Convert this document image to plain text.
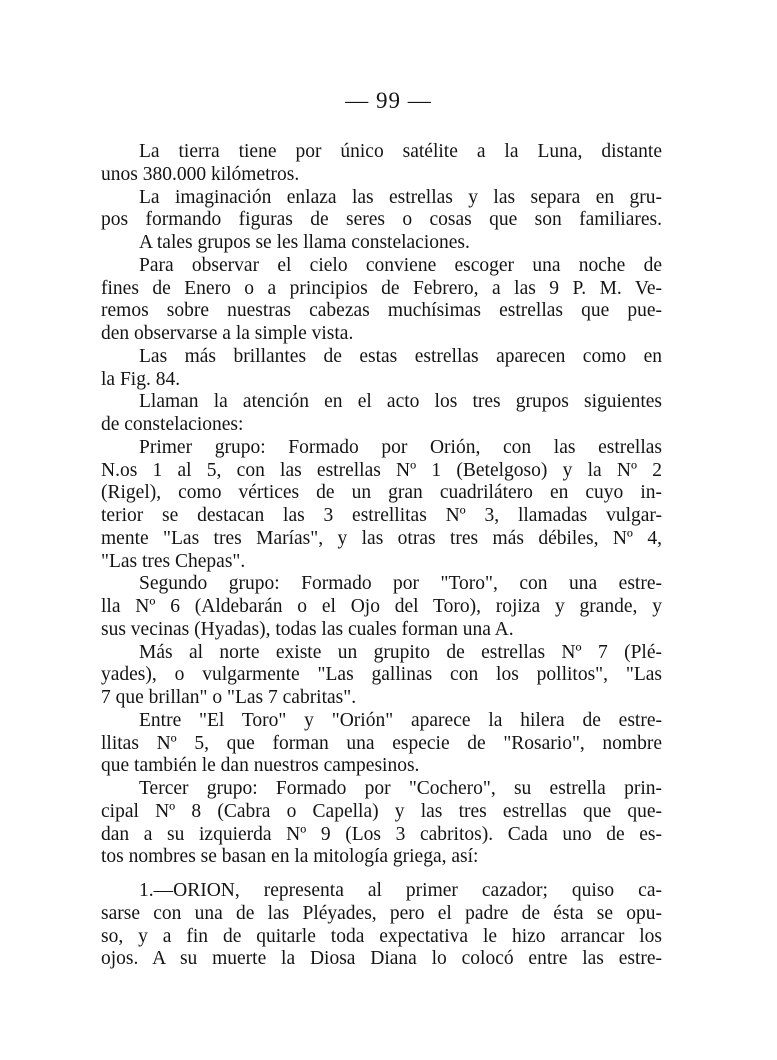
— 99 —

La tierra tiene por único satélite a la Luna, distante
unos 380.000 kilómetros.
La imaginación enlaza las estrellas y las separa en gru-
pos formando figuras de seres o cosas que son familiares.
A tales grupos se les llama constelaciones.
Para observar el cielo conviene escoger una noche de
fines de Enero o a principios de Febrero, a las 9 P. M. Ve-
remos sobre nuestras cabezas muchísimas estrellas que pue-
den observarse a la simple vista.
Las más brillantes de estas estrellas aparecen como en
la Fig. 84.
Llaman la atención en el acto los tres grupos siguientes
de constelaciones:
Primer grupo: Formado por Orión, con las estrellas
N.os 1 al 5, con las estrellas Nº 1 (Betelgoso) y la Nº 2
(Rigel), como vértices de un gran cuadrilátero en cuyo in-
terior se destacan las 3 estrellitas Nº 3, llamadas vulgar-
mente "Las tres Marías", y las otras tres más débiles, Nº 4,
"Las tres Chepas".
Segundo grupo: Formado por "Toro", con una estre-
lla Nº 6 (Aldebarán o el Ojo del Toro), rojiza y grande, y
sus vecinas (Hyadas), todas las cuales forman una A.
Más al norte existe un grupito de estrellas Nº 7 (Plé-
yades), o vulgarmente "Las gallinas con los pollitos", "Las
7 que brillan" o "Las 7 cabritas".
Entre "El Toro" y "Orión" aparece la hilera de estre-
llitas Nº 5, que forman una especie de "Rosario", nombre
que también le dan nuestros campesinos.
Tercer grupo: Formado por "Cochero", su estrella prin-
cipal Nº 8 (Cabra o Capella) y las tres estrellas que que-
dan a su izquierda Nº 9 (Los 3 cabritos). Cada uno de es-
tos nombres se basan en la mitología griega, así:
1.—ORION, representa al primer cazador; quiso ca-
sarse con una de las Pléyades, pero el padre de ésta se opu-
so, y a fin de quitarle toda expectativa le hizo arrancar los
ojos. A su muerte la Diosa Diana lo colocó entre las estre-
